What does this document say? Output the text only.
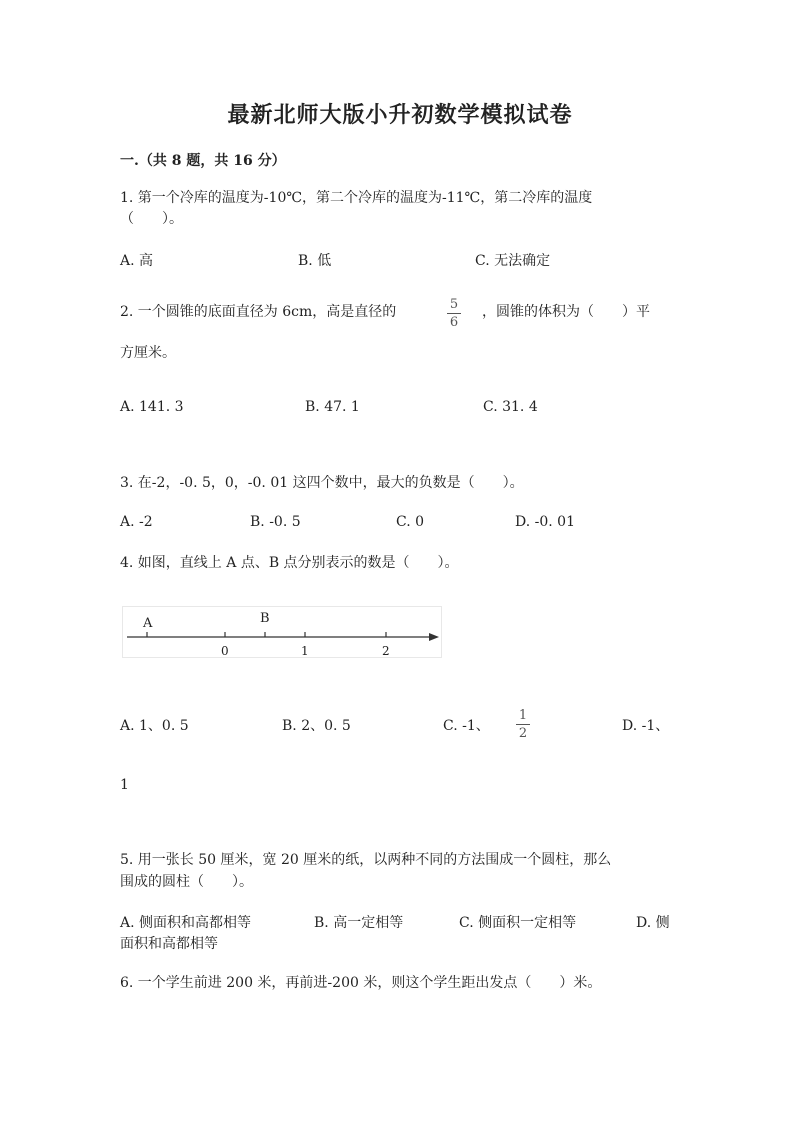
最新北师大版小升初数学模拟试卷
一.（共 8 题，共 16 分）
1. 第一个冷库的温度为-10℃，第二个冷库的温度为-11℃，第二冷库的温度
（　　）。
A. 高	B. 低	C. 无法确定
2. 一个圆锥的底面直径为 6cm，高是直径的	5
6
，圆锥的体积为（　　）平
方厘米。
A. 141. 3	B. 47. 1	C. 31. 4
3. 在-2，-0. 5，0，-0. 01 这四个数中，最大的负数是（　　）。
A. -2	B. -0. 5	C. 0	D. -0. 01
4. 如图，直线上 A 点、B 点分别表示的数是（　　）。
A	B
0	1	2
A. 1、0. 5	B. 2、0. 5	C. -1、
1
2	D. -1、
1
5. 用一张长 50 厘米，宽 20 厘米的纸，以两种不同的方法围成一个圆柱，那么
围成的圆柱（　　）。
A. 侧面积和高都相等	B. 高一定相等	C. 侧面积一定相等	D. 侧
面积和高都相等
6. 一个学生前进 200 米，再前进-200 米，则这个学生距出发点（　　）米。
